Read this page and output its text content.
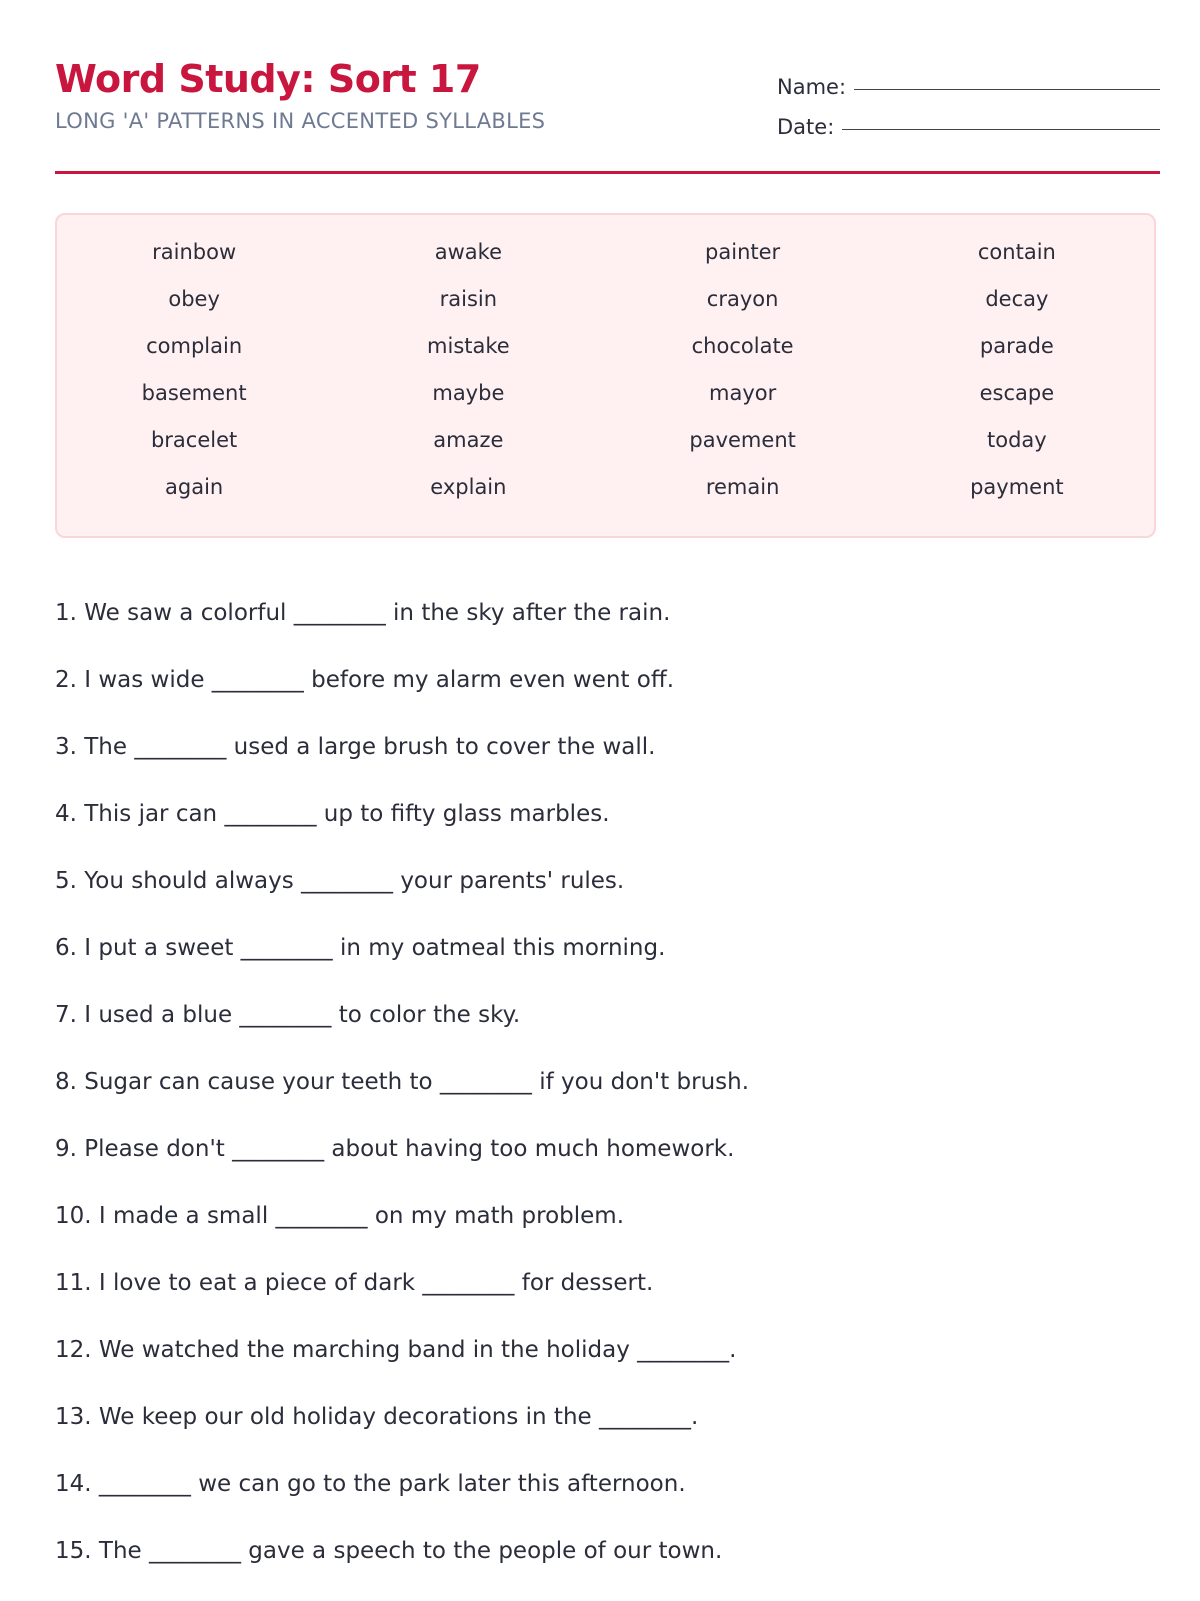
Word Study: Sort 17
LONG 'A' PATTERNS IN ACCENTED SYLLABLES
Name:
Date:
rainbow	awake	painter	contain
obey	raisin	crayon	decay
complain	mistake	chocolate	parade
basement	maybe	mayor	escape
bracelet	amaze	pavement	today
again	explain	remain	payment
1. We saw a colorful ________ in the sky after the rain.
2. I was wide ________ before my alarm even went off.
3. The ________ used a large brush to cover the wall.
4. This jar can ________ up to fifty glass marbles.
5. You should always ________ your parents' rules.
6. I put a sweet ________ in my oatmeal this morning.
7. I used a blue ________ to color the sky.
8. Sugar can cause your teeth to ________ if you don't brush.
9. Please don't ________ about having too much homework.
10. I made a small ________ on my math problem.
11. I love to eat a piece of dark ________ for dessert.
12. We watched the marching band in the holiday ________.
13. We keep our old holiday decorations in the ________.
14. ________ we can go to the park later this afternoon.
15. The ________ gave a speech to the people of our town.
